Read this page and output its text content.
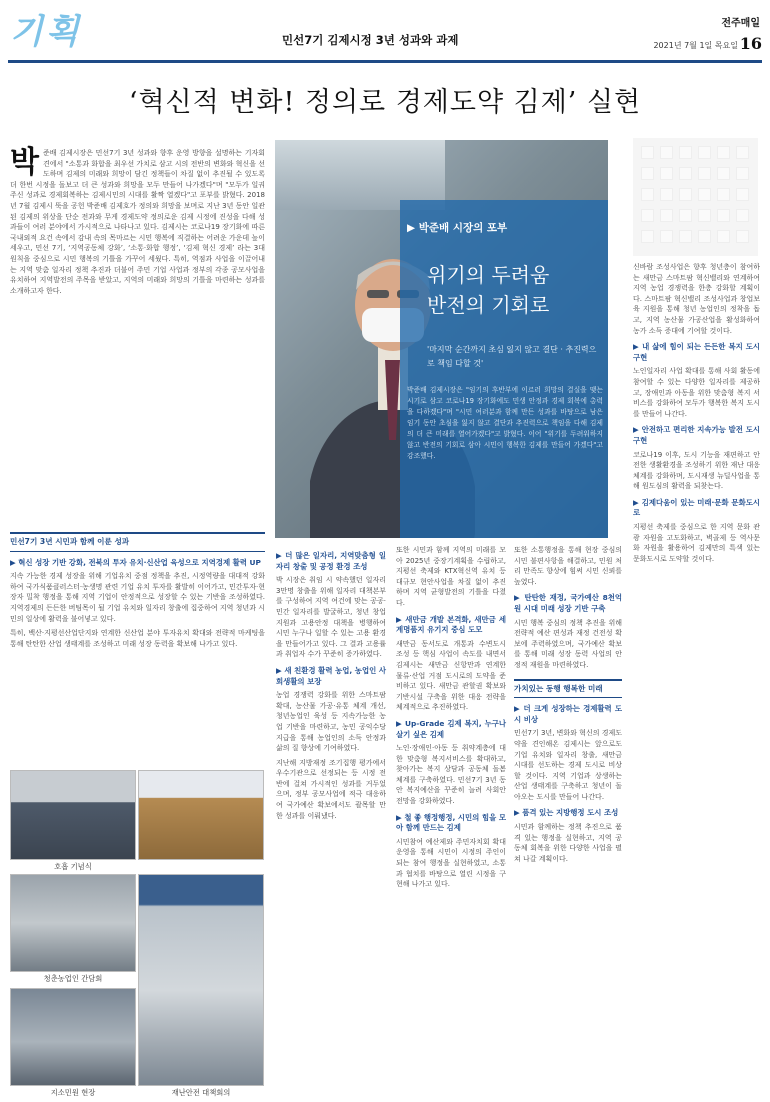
기획	민선7기 김제시정 3년 성과와 과제
전주매일
2021년 7월 1일 목요일 16
‘혁신적 변화! 정의로 경제도약 김제’ 실현
박 준배 김제시장은 민선7기 3년 성과와 향후 운영 방향을 설명하는 기자회견에서 "소통과 화합을 최우선 가치로 삼고 시의 전반의 변화와 혁신을 선도하며 김제의 미래와 희망이 담긴 정책들이 차질 없이 추진될 수 있도록 더 한번 시정을 돌보고 더 큰 성과와 희망을 모두 만들어 나가겠다"며 "모두가 일궈주신 성과로 경제회복하는 김제시민의 시대를 활짝 열겠다"고 포부를 밝혔다. 2018년 7월 김제시 뚝을 공헌 박준배 김제호가 정의와 희망을 보며로 지난 3년 동안 일관된 김제의 위상을 단순 전과와 무게 경제도약 정의로운 김제 시정에 진성을 다해 성과들이 여러 분야에서 가시적으로 나타나고 있다. 김제시는 코로나19 장기화에 따른 국내외적 요건 속에서 감내 속의 목마르는 시민 행복에 직결하는 어려운 가운데 높이 세우고, 민선 7기, ‘지역공동체 강화’, ‘소통·화합 행정’, ‘김제 혁신 경제’ 라는 3대 원칙을 중심으로 시민 행복의 기틀을 가꾸어 세웠다. 특히, 역점과 사업을 이끌어내는 지역 맞춤 일자리 정책 추진과 더불어 주민 기업 사업과 정부의 각종 공모사업을 유치하여 지역발전의 주목을 받았고, 지역의 미래와 희망의 기틀을 마련하는 성과를 소개하고자 한다.
▶ 박준배 시장의 포부
위기의 두려움
반전의 기회로
'마지막 순간까지 초심 잃지 않고 결단 · 추진력으로 책임 다할 것'
박준배 김제시장은 "임기의 후반부에 이르러 희망의 결실을 맺는 시기로 삼고 코로나19 장기화에도 민생 안정과 경제 회복에 총력을 다하겠다"며 "시민 여러분과 함께 만든 성과를 바탕으로 남은 임기 동안 초심을 잃지 않고 결단과 추진력으로 책임을 다해 김제의 더 큰 미래를 열어가겠다"고 밝혔다. 이어 "위기를 두려워하지 않고 반전의 기회로 삼아 시민이 행복한 김제를 만들어 가겠다"고 강조했다.
민선7기 3년 시민과 함께 이룬 성과
▶ 혁신 성장 기반 강화, 전북의 투자 유치·신산업 육성으로 지역경제 활력 UP
지속 가능한 경제 성장을 위해 기업유치 중점 정책을 추진, 시정역량을 대대적 강화하여 국가식품클러스터·농생명 관련 기업 유치 투자를 활발히 이어가고, 민간투자·현장자 밀착 행정을 통해 지역 기업이 안정적으로 성장할 수 있는 기반을 조성하였다. 지역경제의 든든한 버팀목이 될 기업 유치와 일자리 창출에 집중하여 지역 청년과 시민의 일상에 활력을 불어넣고 있다.
특히, 백산·지평선산업단지와 연계한 신산업 분야 투자유치 확대와 전략적 마케팅을 통해 탄탄한 산업 생태계를 조성하고 미래 성장 동력을 확보해 나가고 있다.
호흡 기념식
청춘농업인 간담회
지소민원 현장	재난안전 대책회의
▶ 더 많은 일자리, 지역맞춤형 일자리 창출 및 공정 환경 조성
박 시장은 취임 시 약속했던 일자리 3만명 창출을 위해 일자리 대책본부를 구성하여 지역 여건에 맞는 공공·민간 일자리를 발굴하고, 청년 창업 지원과 고용안정 대책을 병행하여 시민 누구나 일할 수 있는 고용 환경을 만들어가고 있다. 그 결과 고용률과 취업자 수가 꾸준히 증가하였다.
▶ 새 친환경 활력 농업, 농업인 사회생활의 보장
농업 경쟁력 강화를 위한 스마트팜 확대, 농산물 가공·유통 체계 개선, 청년농업인 육성 등 지속가능한 농업 기반을 마련하고, 농민 공익수당 지급을 통해 농업인의 소득 안정과 삶의 질 향상에 기여하였다.
지난해 지방재정 조기집행 평가에서 우수기관으로 선정되는 등 시정 전반에 걸쳐 가시적인 성과를 거두었으며, 정부 공모사업에 적극 대응하여 국가예산 확보에서도 괄목할 만한 성과를 이뤄냈다.
또한 시민과 함께 지역의 미래를 모아 2025년 중장기계획을 수립하고, 지평선 축제와 KTX혁신역 유치 등 대규모 현안사업을 차질 없이 추진하며 지역 균형발전의 기틀을 다졌다.
▶ 새만금 개발 본격화, 새만금 세계명품지 유기지 중심 도모
새만금 동서도로 개통과 수변도시 조성 등 핵심 사업이 속도를 내면서 김제시는 새만금 신항만과 연계한 물류·산업 거점 도시로의 도약을 준비하고 있다. 새만금 관할권 확보와 기반시설 구축을 위한 대응 전략을 체계적으로 추진하였다.
▶ Up-Grade 김제 복지, 누구나 살기 싶은 김제
노인·장애인·아동 등 취약계층에 대한 맞춤형 복지서비스를 확대하고, 찾아가는 복지 상담과 공동체 돌봄 체계를 구축하였다. 민선7기 3년 동안 복지예산을 꾸준히 늘려 사회안전망을 강화하였다.
▶ 철 좋 행정행정, 시민의 힘을 모아 함께 만드는 김제
시민참여 예산제와 주민자치회 확대 운영을 통해 시민이 시정의 주인이 되는 참여 행정을 실현하였고, 소통과 협치를 바탕으로 열린 시정을 구현해 나가고 있다.
또한 소통행정을 통해 현장 중심의 시민 불편사항을 해결하고, 민원 처리 만족도 향상에 힘써 시민 신뢰를 높였다.
▶ 탄탄한 재정, 국가예산 8천억원 시대 미래 성장 기반 구축
시민 행복 중심의 정책 추진을 위해 전략적 예산 편성과 재정 건전성 확보에 주력하였으며, 국가예산 확보를 통해 미래 성장 동력 사업의 안정적 재원을 마련하였다.
가치있는 동행 행복한 미래
▶ 더 크게 성장하는 경제활력 도시 비상
민선7기 3년, 변화와 혁신의 경제도약을 견인해온 김제시는 앞으로도 기업 유치와 일자리 창출, 새만금 시대를 선도하는 경제 도시로 비상할 것이다. 지역 기업과 상생하는 산업 생태계를 구축하고 청년이 돌아오는 도시를 만들어 나간다.
▶ 품격 있는 지방행정 도시 조성
시민과 함께하는 정책 추진으로 품격 있는 행정을 실현하고, 지역 공동체 회복을 위한 다양한 사업을 펼쳐 나갈 계획이다.
신바람 조성사업은 향후 청년층이 참여하는 새만금 스마트팜 혁신밸리와 연계하여 지역 농업 경쟁력을 한층 강화할 계획이다. 스마트팜 혁신밸리 조성사업과 창업보육 지원을 통해 청년 농업인의 정착을 돕고, 지역 농산물 가공산업을 활성화하여 농가 소득 증대에 기여할 것이다.
▶ 내 삶에 힘이 되는 든든한 복지 도시 구현
노인일자리 사업 확대를 통해 사회 활동에 참여할 수 있는 다양한 일자리를 제공하고, 장애인과 아동을 위한 맞춤형 복지 서비스를 강화하여 모두가 행복한 복지 도시를 만들어 나간다.
▶ 안전하고 편리한 지속가능 발전 도시 구현
코로나19 이후, 도시 기능을 재편하고 안전한 생활환경을 조성하기 위한 재난 대응 체계를 강화하며, 도시재생 뉴딜사업을 통해 원도심의 활력을 되찾는다.
▶ 김제다움이 있는 미래·문화 문화도시로
지평선 축제를 중심으로 한 지역 문화 관광 자원을 고도화하고, 벽골제 등 역사문화 자원을 활용하여 김제만의 특색 있는 문화도시로 도약할 것이다.
